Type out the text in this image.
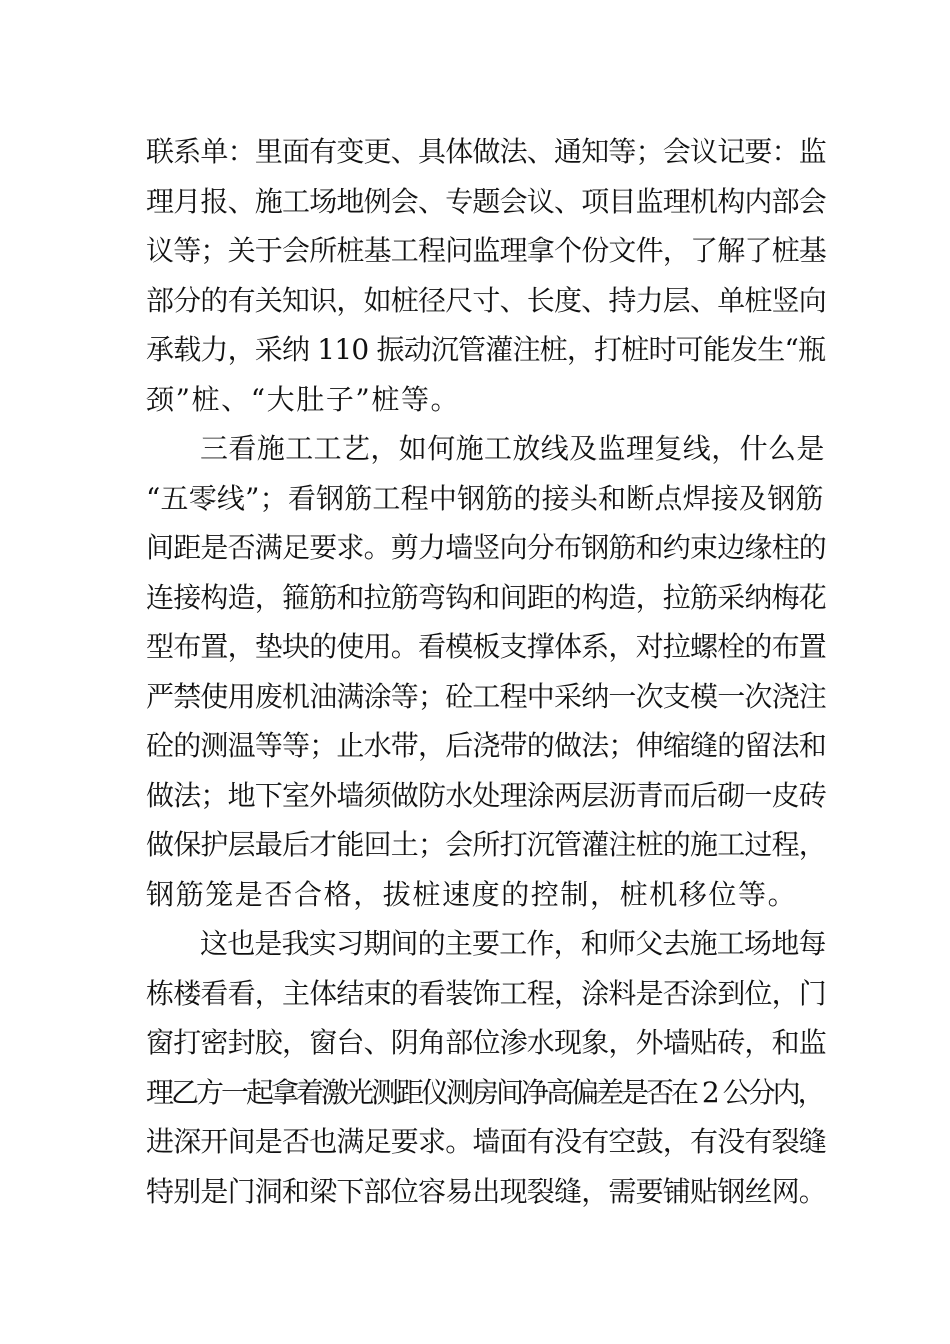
联系单：里面有变更、具体做法、通知等；会议记要：监
理月报、施工场地例会、专题会议、项目监理机构内部会
议等；关于会所桩基工程问监理拿个份文件，了解了桩基
部分的有关知识，如桩径尺寸、长度、持力层、单桩竖向
承载力，采纳 110 振动沉管灌注桩，打桩时可能发生“瓶
颈”桩、“大肚子”桩等。
三看施工工艺，如何施工放线及监理复线，什么是
“五零线”；看钢筋工程中钢筋的接头和断点焊接及钢筋
间距是否满足要求。剪力墙竖向分布钢筋和约束边缘柱的
连接构造，箍筋和拉筋弯钩和间距的构造，拉筋采纳梅花
型布置，垫块的使用。看模板支撑体系，对拉螺栓的布置
严禁使用废机油满涂等；砼工程中采纳一次支模一次浇注
砼的测温等等；止水带，后浇带的做法；伸缩缝的留法和
做法；地下室外墙须做防水处理涂两层沥青而后砌一皮砖
做保护层最后才能回土；会所打沉管灌注桩的施工过程，
钢筋笼是否合格，拔桩速度的控制，桩机移位等。
这也是我实习期间的主要工作，和师父去施工场地每
栋楼看看，主体结束的看装饰工程，涂料是否涂到位，门
窗打密封胶，窗台、阴角部位渗水现象，外墙贴砖，和监
理乙方一起拿着激光测距仪测房间净高偏差是否在 2 公分内，
进深开间是否也满足要求。墙面有没有空鼓，有没有裂缝
特别是门洞和梁下部位容易出现裂缝，需要铺贴钢丝网。
